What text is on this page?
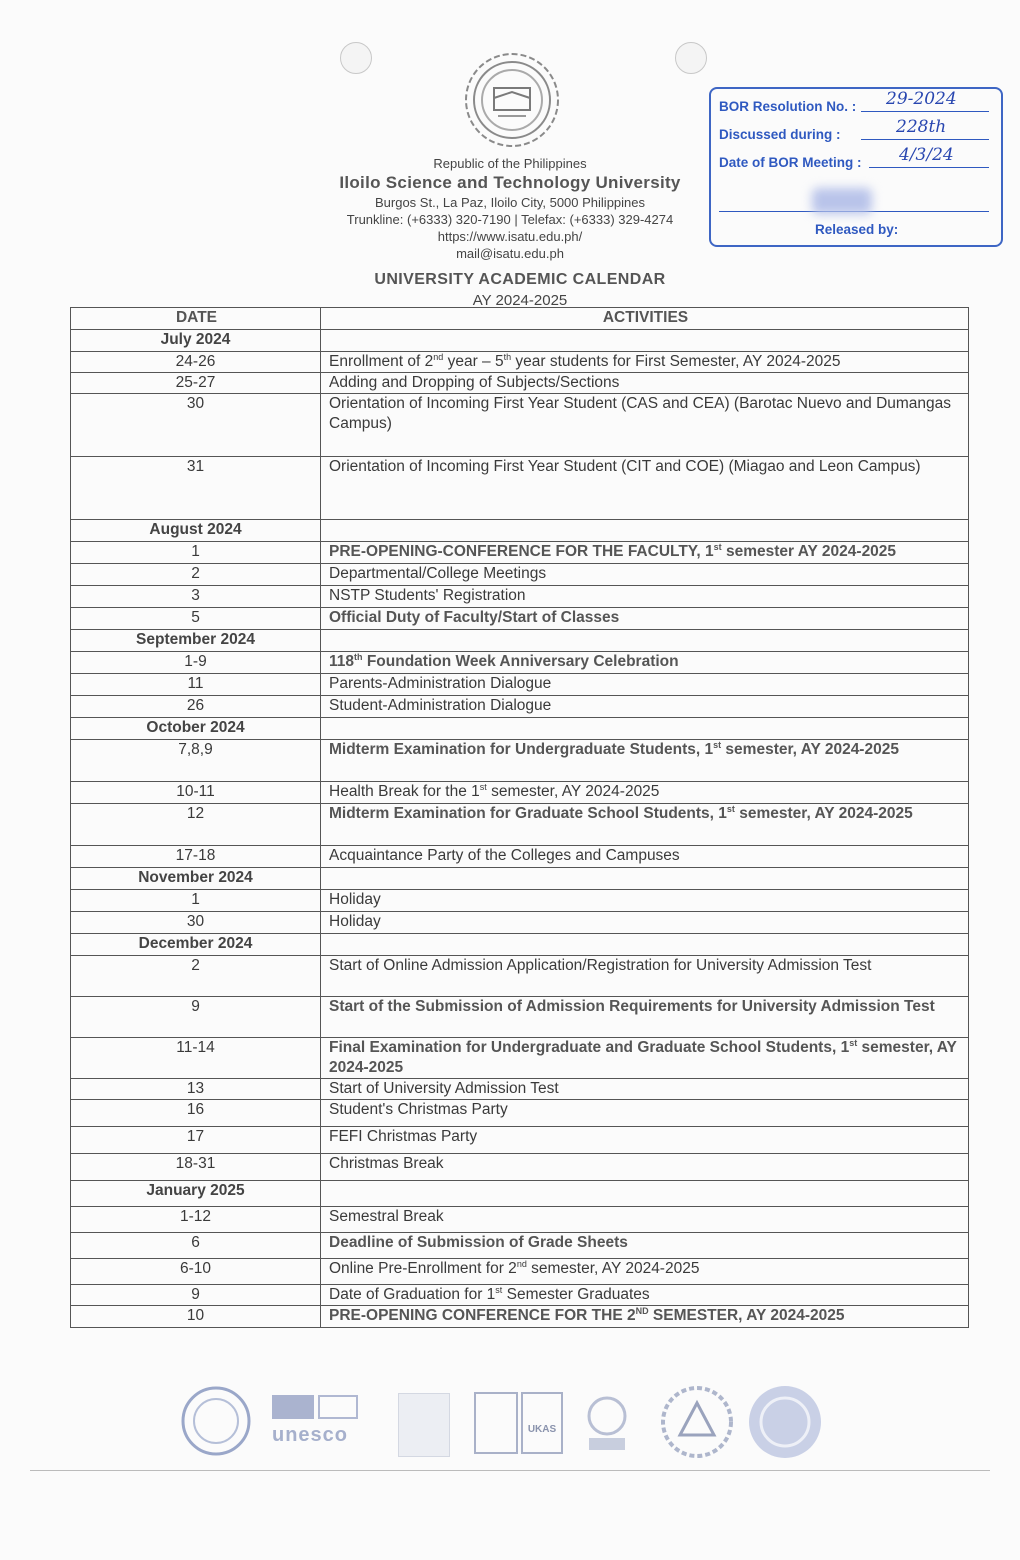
Republic of the Philippines
Iloilo Science and Technology University
Burgos St., La Paz, Iloilo City, 5000 Philippines
Trunkline: (+6333) 320-7190 | Telefax: (+6333) 329-4274
https://www.isatu.edu.ph/
mail@isatu.edu.ph
BOR Resolution No. : 29-2024
Discussed during :	228th
Date of BOR Meeting : 4/3/24
Released by:
UNIVERSITY ACADEMIC CALENDAR
AY 2024-2025
DATE	ACTIVITIES
July 2024	
24-26	Enrollment of 2nd year – 5th year students for First Semester, AY 2024-2025
25-27	Adding and Dropping of Subjects/Sections
30	Orientation of Incoming First Year Student (CAS and CEA) (Barotac Nuevo and Dumangas Campus)
31	Orientation of Incoming First Year Student (CIT and COE) (Miagao and Leon Campus)
August 2024	
1	PRE-OPENING-CONFERENCE FOR THE FACULTY, 1st semester AY 2024-2025
2	Departmental/College Meetings
3	NSTP Students' Registration
5	Official Duty of Faculty/Start of Classes
September 2024	
1-9	118th Foundation Week Anniversary Celebration
11	Parents-Administration Dialogue
26	Student-Administration Dialogue
October 2024	
7,8,9	Midterm Examination for Undergraduate Students, 1st semester, AY 2024-2025
10-11	Health Break for the 1st semester, AY 2024-2025
12	Midterm Examination for Graduate School Students, 1st semester, AY 2024-2025
17-18	Acquaintance Party of the Colleges and Campuses
November 2024	
1	Holiday
30	Holiday
December 2024	
2	Start of Online Admission Application/Registration for University Admission Test
9	Start of the Submission of Admission Requirements for University Admission Test
11-14	Final Examination for Undergraduate and Graduate School Students, 1st semester, AY 2024-2025
13	Start of University Admission Test
16	Student's Christmas Party
17	FEFI Christmas Party
18-31	Christmas Break
January 2025	
1-12	Semestral Break
6	Deadline of Submission of Grade Sheets
6-10	Online Pre-Enrollment for 2nd semester, AY 2024-2025
9	Date of Graduation for 1st Semester Graduates
10	PRE-OPENING CONFERENCE FOR THE 2ND SEMESTER, AY 2024-2025

unesco	UKAS
